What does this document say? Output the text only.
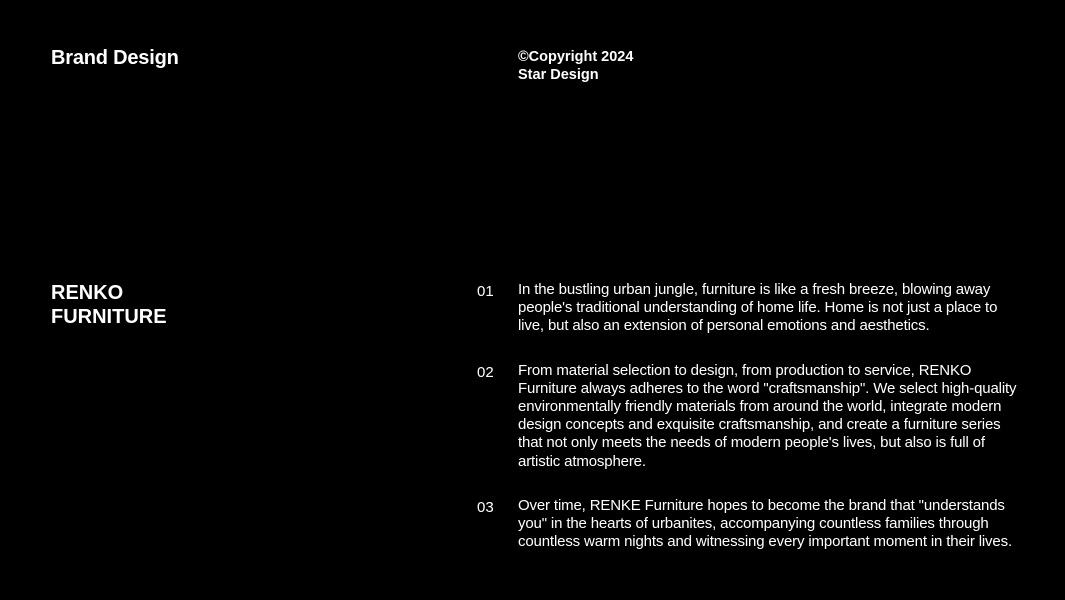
Brand Design	©Copyright 2024
Star Design
RENKO
FURNITURE
01	In the bustling urban jungle, furniture is like a fresh breeze, blowing away people's traditional understanding of home life. Home is not just a place to live, but also an extension of personal emotions and aesthetics.

02	From material selection to design, from production to service, RENKO Furniture always adheres to the word "craftsmanship". We select high-quality environmentally friendly materials from around the world, integrate modern design concepts and exquisite craftsmanship, and create a furniture series that not only meets the needs of modern people's lives, but also is full of artistic atmosphere.

03	Over time, RENKE Furniture hopes to become the brand that "understands you" in the hearts of urbanites, accompanying countless families through countless warm nights and witnessing every important moment in their lives.
